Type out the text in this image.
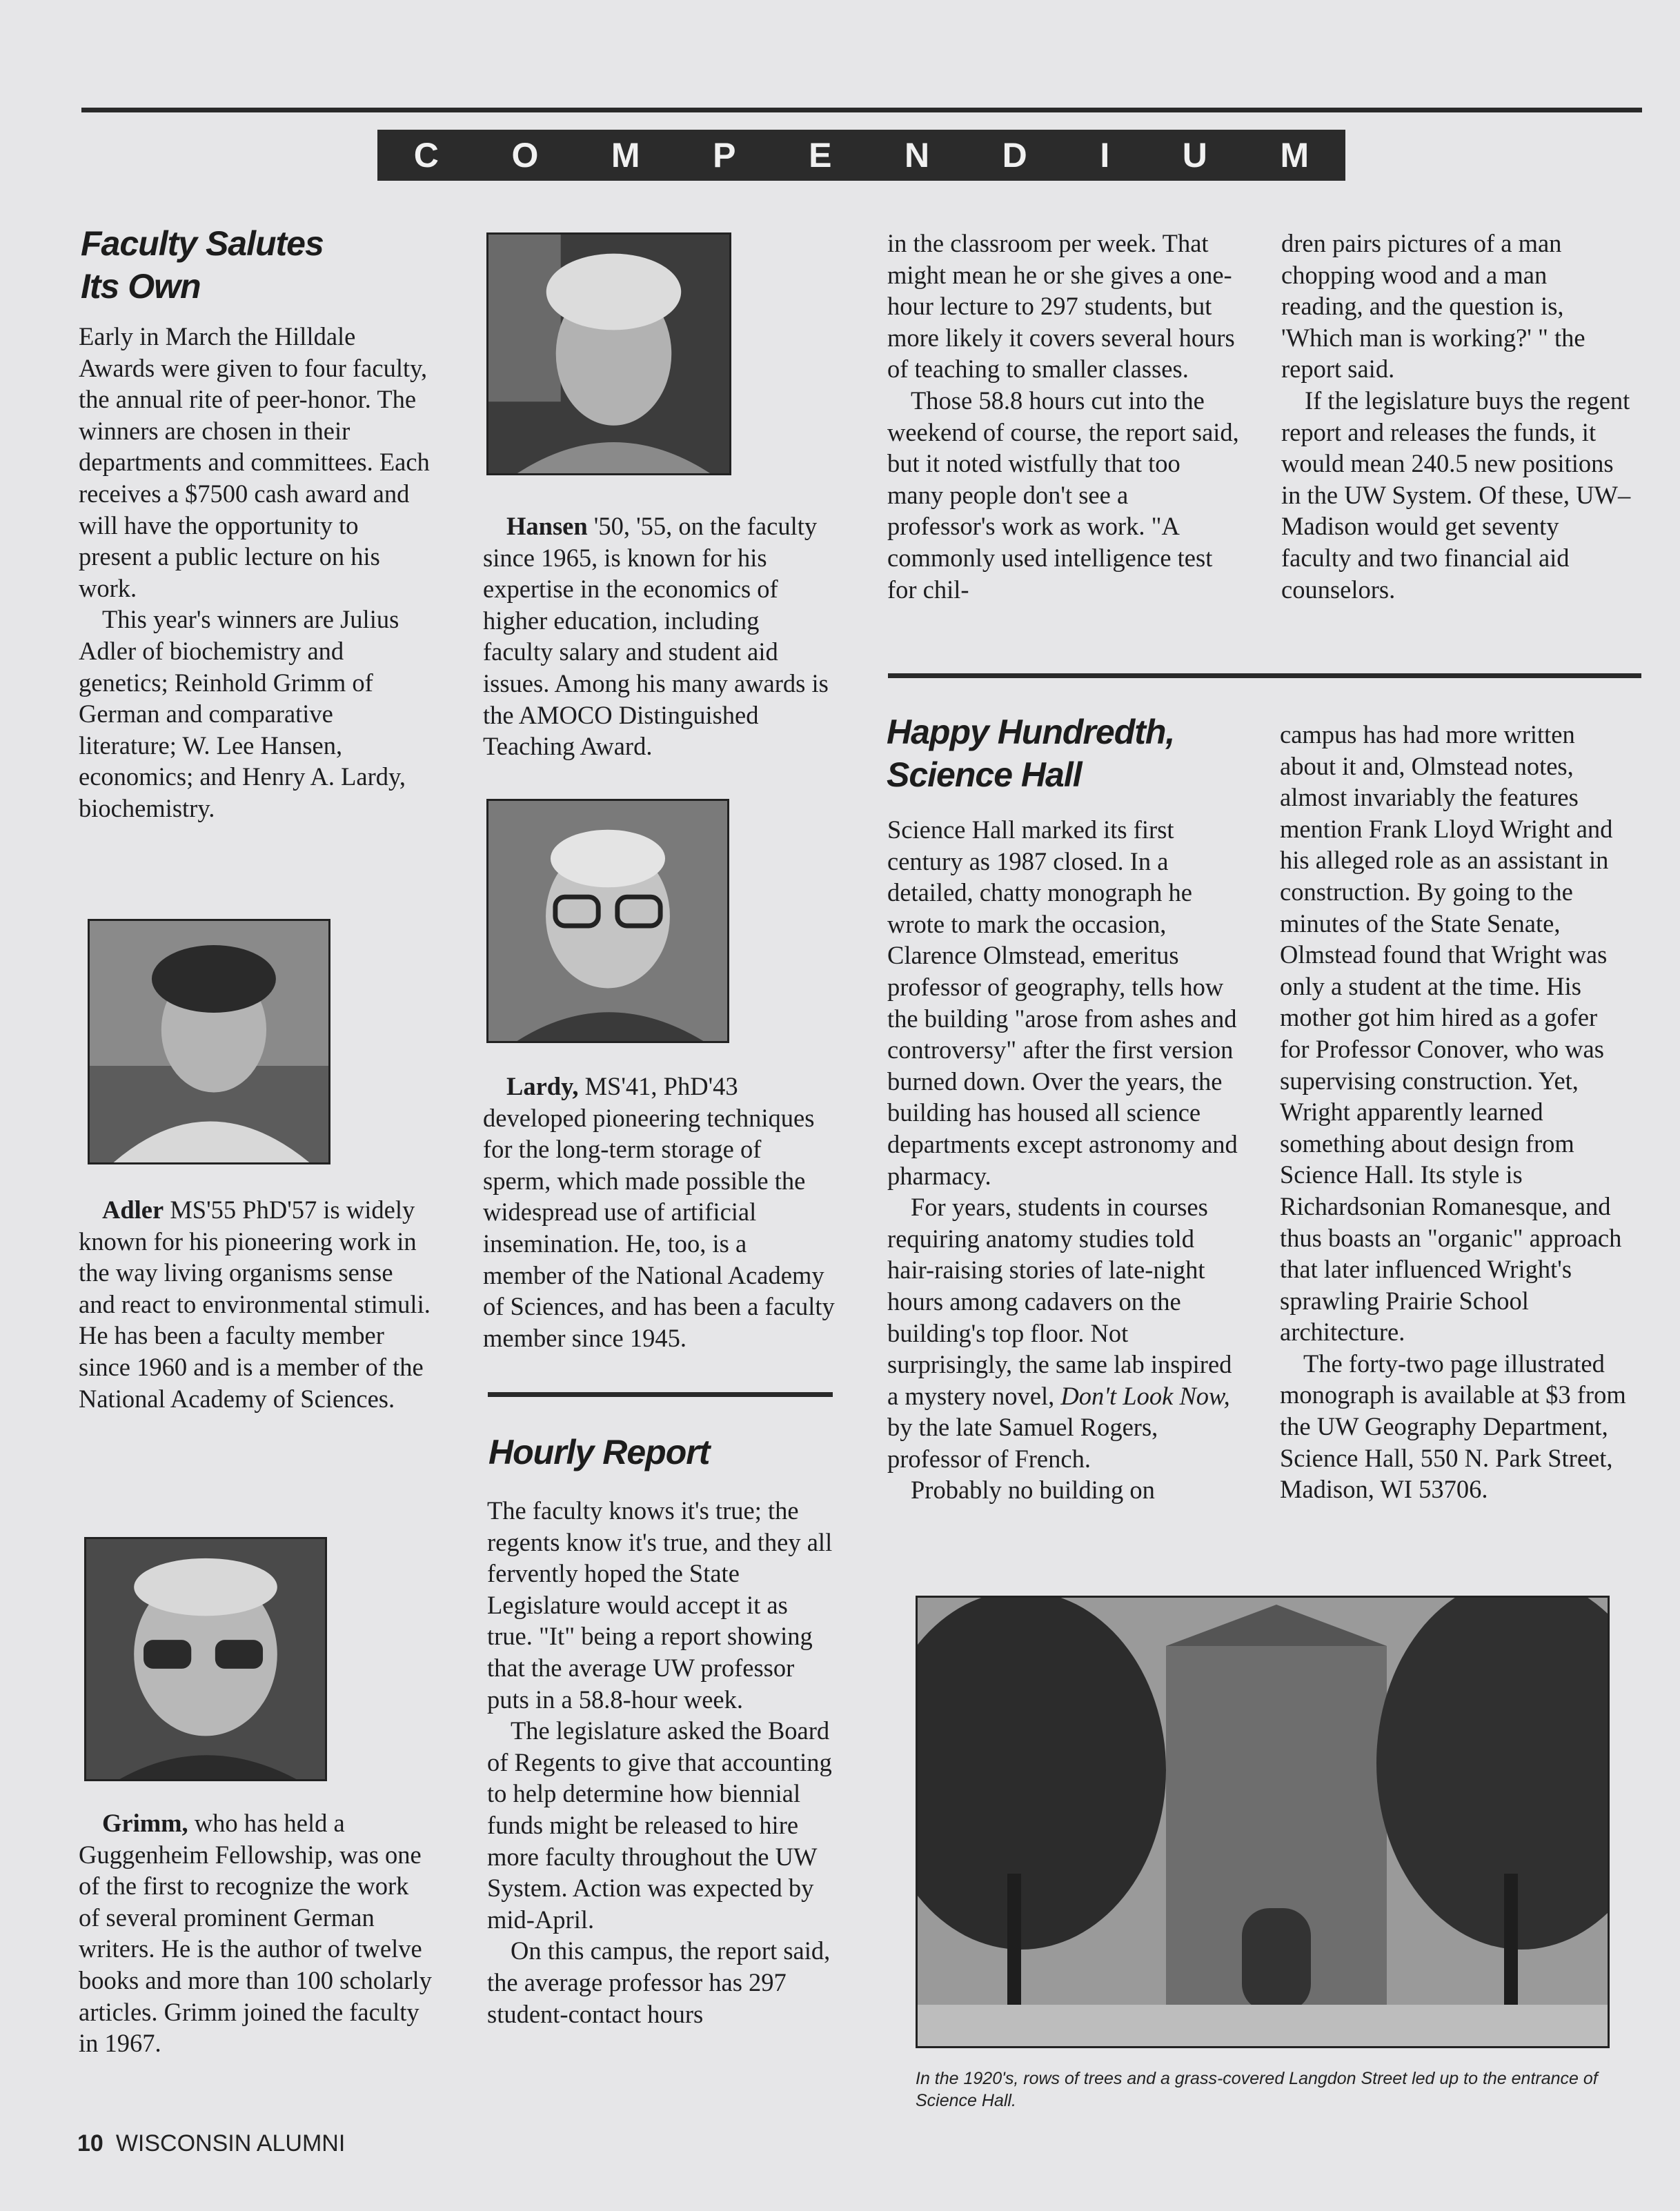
C O M P E N D I U M
Faculty Salutes
Its Own

Early in March the Hilldale Awards were given to four faculty, the annual rite of peer-honor. The winners are chosen in their departments and committees. Each receives a $7500 cash award and will have the opportunity to present a public lecture on his work.

This year's winners are Julius Adler of biochemistry and genetics; Reinhold Grimm of German and comparative literature; W. Lee Hansen, economics; and Henry A. Lardy, biochemistry.

Adler MS'55 PhD'57 is widely known for his pioneering work in the way living organisms sense and react to environmental stimuli. He has been a faculty member since 1960 and is a member of the National Academy of Sciences.

Grimm, who has held a Guggenheim Fellowship, was one of the first to recognize the work of several prominent German writers. He is the author of twelve books and more than 100 scholarly articles. Grimm joined the faculty in 1967.

Hansen '50, '55, on the faculty since 1965, is known for his expertise in the economics of higher education, including faculty salary and student aid issues. Among his many awards is the AMOCO Distinguished Teaching Award.

Lardy, MS'41, PhD'43 developed pioneering techniques for the long-term storage of sperm, which made possible the widespread use of artificial insemination. He, too, is a member of the National Academy of Sciences, and has been a faculty member since 1945.

Hourly Report

The faculty knows it's true; the regents know it's true, and they all fervently hoped the State Legislature would accept it as true. "It" being a report showing that the average UW professor puts in a 58.8-hour week.

The legislature asked the Board of Regents to give that accounting to help determine how biennial funds might be released to hire more faculty throughout the UW System. Action was expected by mid-April.

On this campus, the report said, the average professor has 297 student-contact hours

in the classroom per week. That might mean he or she gives a one-hour lecture to 297 students, but more likely it covers several hours of teaching to smaller classes.

Those 58.8 hours cut into the weekend of course, the report said, but it noted wistfully that too many people don't see a professor's work as work. "A commonly used intelligence test for chil-

dren pairs pictures of a man chopping wood and a man reading, and the question is, 'Which man is working?' " the report said.

If the legislature buys the regent report and releases the funds, it would mean 240.5 new positions in the UW System. Of these, UW–Madison would get seventy faculty and two financial aid counselors.

Happy Hundredth,
Science Hall

Science Hall marked its first century as 1987 closed. In a detailed, chatty monograph he wrote to mark the occasion, Clarence Olmstead, emeritus professor of geography, tells how the building "arose from ashes and controversy" after the first version burned down. Over the years, the building has housed all science departments except astronomy and pharmacy.

For years, students in courses requiring anatomy studies told hair-raising stories of late-night hours among cadavers on the building's top floor. Not surprisingly, the same lab inspired a mystery novel, Don't Look Now, by the late Samuel Rogers, professor of French.

Probably no building on

campus has had more written about it and, Olmstead notes, almost invariably the features mention Frank Lloyd Wright and his alleged role as an assistant in construction. By going to the minutes of the State Senate, Olmstead found that Wright was only a student at the time. His mother got him hired as a gofer for Professor Conover, who was supervising construction. Yet, Wright apparently learned something about design from Science Hall. Its style is Richardsonian Romanesque, and thus boasts an "organic" approach that later influenced Wright's sprawling Prairie School architecture.

The forty-two page illustrated monograph is available at $3 from the UW Geography Department, Science Hall, 550 N. Park Street, Madison, WI 53706.

In the 1920's, rows of trees and a grass-covered Langdon Street led up to the entrance of Science Hall.
10 WISCONSIN ALUMNI
